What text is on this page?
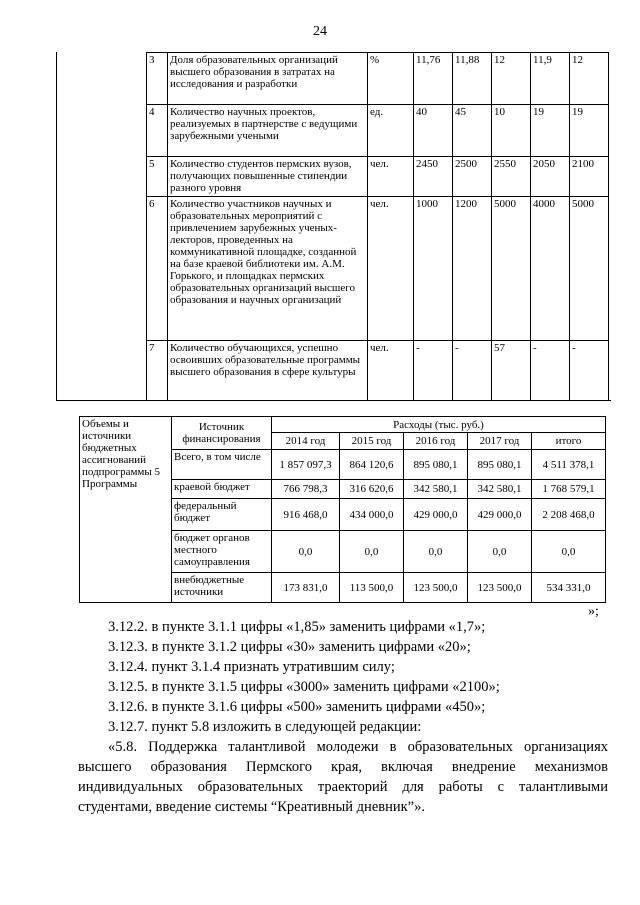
24
3	Доля образовательных организаций высшего образования в затратах на исследования и разработки	%	11,76	11,88	12	11,9	12
4	Количество научных проектов, реализуемых в партнерстве с ведущими зарубежными учеными	ед.	40	45	10	19	19
5	Количество студентов пермских вузов, получающих повышенные стипендии разного уровня	чел.	2450	2500	2550	2050	2100
6	Количество участников научных и образовательных мероприятий с привлечением зарубежных ученых-лекторов, проведенных на коммуникативной площадке, созданной на базе краевой библиотеки им. А.М. Горького, и площадках пермских образовательных организаций высшего образования и научных организаций	чел.	1000	1200	5000	4000	5000
7	Количество обучающихся, успешно освоивших образовательные программы высшего образования в сфере культуры	чел.	-	-	57	-	-
Объемы и источники бюджетных ассигнований подпрограммы 5 Программы	Источник финансирования	Расходы (тыс. руб.)				
		2014 год	2015 год	2016 год	2017 год	итого
	Всего, в том числе	1 857 097,3	864 120,6	895 080,1	895 080,1	4 511 378,1
	краевой бюджет	766 798,3	316 620,6	342 580,1	342 580,1	1 768 579,1
	федеральный бюджет	916 468,0	434 000,0	429 000,0	429 000,0	2 208 468,0
	бюджет органов местного самоуправления	0,0	0,0	0,0	0,0	0,0
	внебюджетные источники	173 831,0	113 500,0	123 500,0	123 500,0	534 331,0
»;

3.12.2. в пункте 3.1.1 цифры «1,85» заменить цифрами «1,7»;

3.12.3. в пункте 3.1.2 цифры «30» заменить цифрами «20»;

3.12.4. пункт 3.1.4 признать утратившим силу;

3.12.5. в пункте 3.1.5 цифры «3000» заменить цифрами «2100»;

3.12.6. в пункте 3.1.6 цифры «500» заменить цифрами «450»;

3.12.7. пункт 5.8 изложить в следующей редакции:

«5.8. Поддержка талантливой молодежи в образовательных организациях высшего образования Пермского края, включая внедрение механизмов индивидуальных образовательных траекторий для работы с талантливыми студентами, введение системы “Креативный дневник”».
